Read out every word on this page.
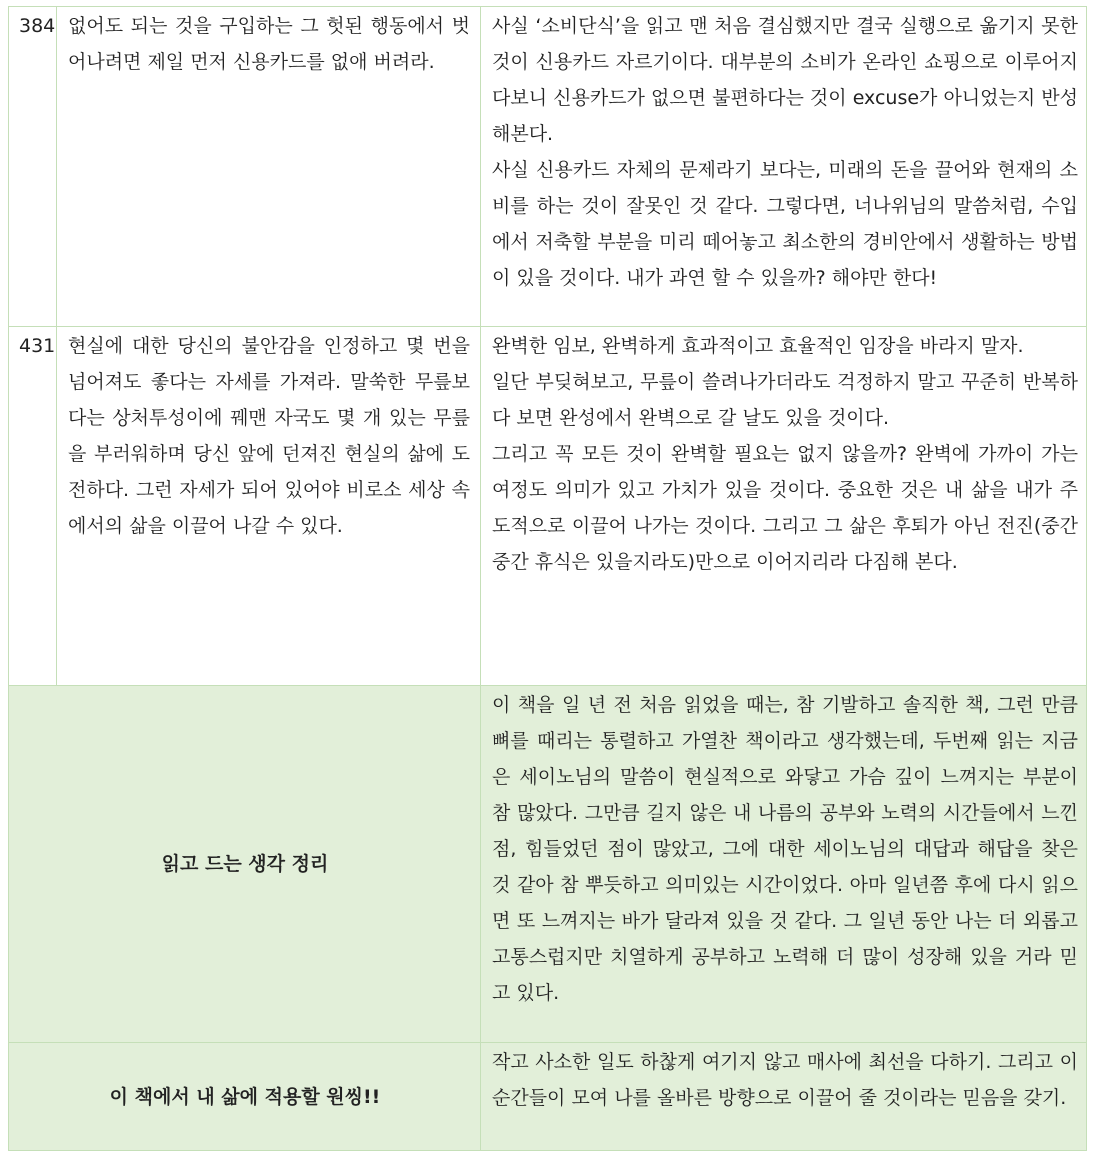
384	없어도 되는 것을 구입하는 그 헛된 행동에서 벗어나려면 제일 먼저 신용카드를 없애 버려라.	사실 ‘소비단식’을 읽고 맨 처음 결심했지만 결국 실행으로 옮기지 못한 것이 신용카드 자르기이다. 대부분의 소비가 온라인 쇼핑으로 이루어지다보니 신용카드가 없으면 불편하다는 것이 excuse가 아니었는지 반성해본다.

사실 신용카드 자체의 문제라기 보다는, 미래의 돈을 끌어와 현재의 소비를 하는 것이 잘못인 것 같다. 그렇다면, 너나위님의 말씀처럼, 수입에서 저축할 부분을 미리 떼어놓고 최소한의 경비안에서 생활하는 방법이 있을 것이다. 내가 과연 할 수 있을까? 해야만 한다!

431	현실에 대한 당신의 불안감을 인정하고 몇 번을 넘어져도 좋다는 자세를 가져라. 말쑥한 무릎보다는 상처투성이에 꿰맨 자국도 몇 개 있는 무릎을 부러워하며 당신 앞에 던져진 현실의 삶에 도전하다. 그런 자세가 되어 있어야 비로소 세상 속에서의 삶을 이끌어 나갈 수 있다.	완벽한 임보, 완벽하게 효과적이고 효율적인 임장을 바라지 말자.

일단 부딪혀보고, 무릎이 쓸려나가더라도 걱정하지 말고 꾸준히 반복하다 보면 완성에서 완벽으로 갈 날도 있을 것이다.

그리고 꼭 모든 것이 완벽할 필요는 없지 않을까? 완벽에 가까이 가는 여정도 의미가 있고 가치가 있을 것이다. 중요한 것은 내 삶을 내가 주도적으로 이끌어 나가는 것이다. 그리고 그 삶은 후퇴가 아닌 전진(중간 중간 휴식은 있을지라도)만으로 이어지리라 다짐해 본다.

읽고 드는 생각 정리		이 책을 일 년 전 처음 읽었을 때는, 참 기발하고 솔직한 책, 그런 만큼 뼈를 때리는 통렬하고 가열찬 책이라고 생각했는데, 두번째 읽는 지금은 세이노님의 말씀이 현실적으로 와닿고 가슴 깊이 느껴지는 부분이 참 많았다. 그만큼 길지 않은 내 나름의 공부와 노력의 시간들에서 느낀점, 힘들었던 점이 많았고, 그에 대한 세이노님의 대답과 해답을 찾은 것 같아 참 뿌듯하고 의미있는 시간이었다. 아마 일년쯤 후에 다시 읽으면 또 느껴지는 바가 달라져 있을 것 같다. 그 일년 동안 나는 더 외롭고 고통스럽지만 치열하게 공부하고 노력해 더 많이 성장해 있을 거라 믿고 있다.
이 책에서 내 삶에 적용할 원씽!!		작고 사소한 일도 하찮게 여기지 않고 매사에 최선을 다하기. 그리고 이 순간들이 모여 나를 올바른 방향으로 이끌어 줄 것이라는 믿음을 갖기.
